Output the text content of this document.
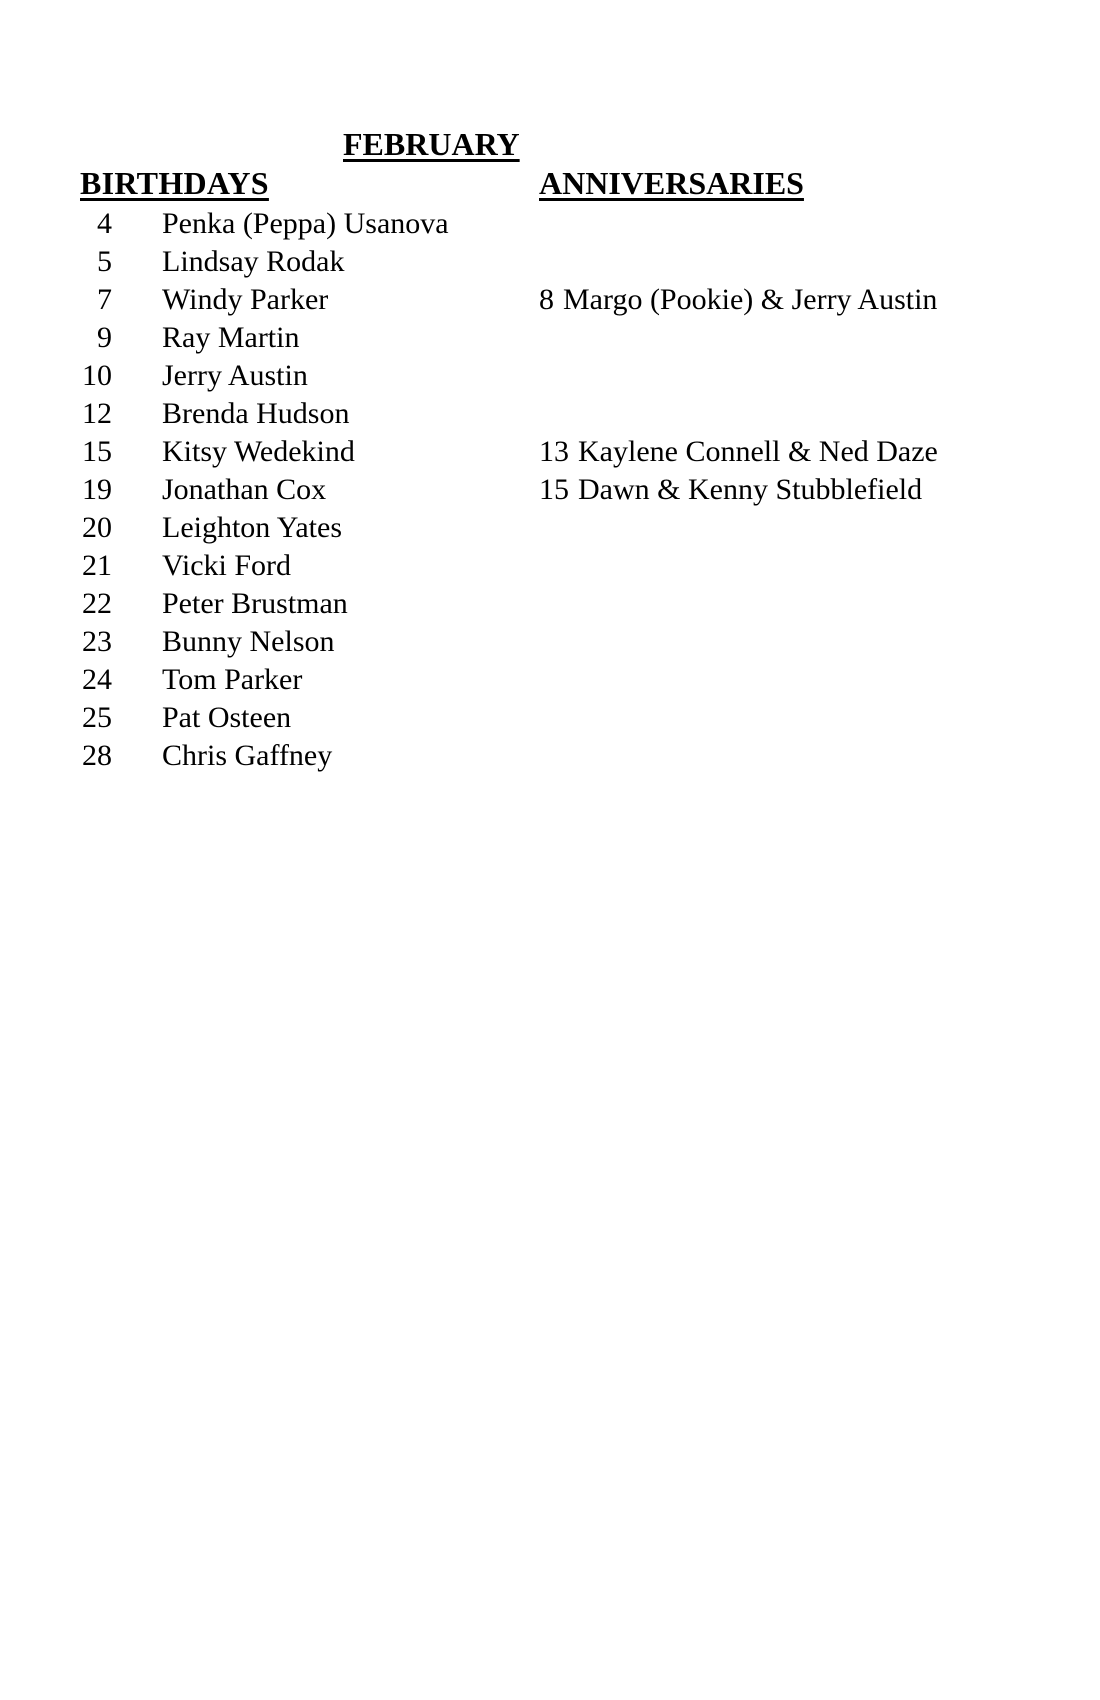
FEBRUARY
BIRTHDAYS	ANNIVERSARIES
4 Penka (Peppa) Usanova
5 Lindsay Rodak
7 Windy Parker
9 Ray Martin
10 Jerry Austin
12 Brenda Hudson
15 Kitsy Wedekind
19 Jonathan Cox
20 Leighton Yates
21 Vicki Ford
22 Peter Brustman
23 Bunny Nelson
24 Tom Parker
25 Pat Osteen
28 Chris Gaffney
8 Margo (Pookie) & Jerry Austin
13 Kaylene Connell & Ned Daze
15 Dawn & Kenny Stubblefield
